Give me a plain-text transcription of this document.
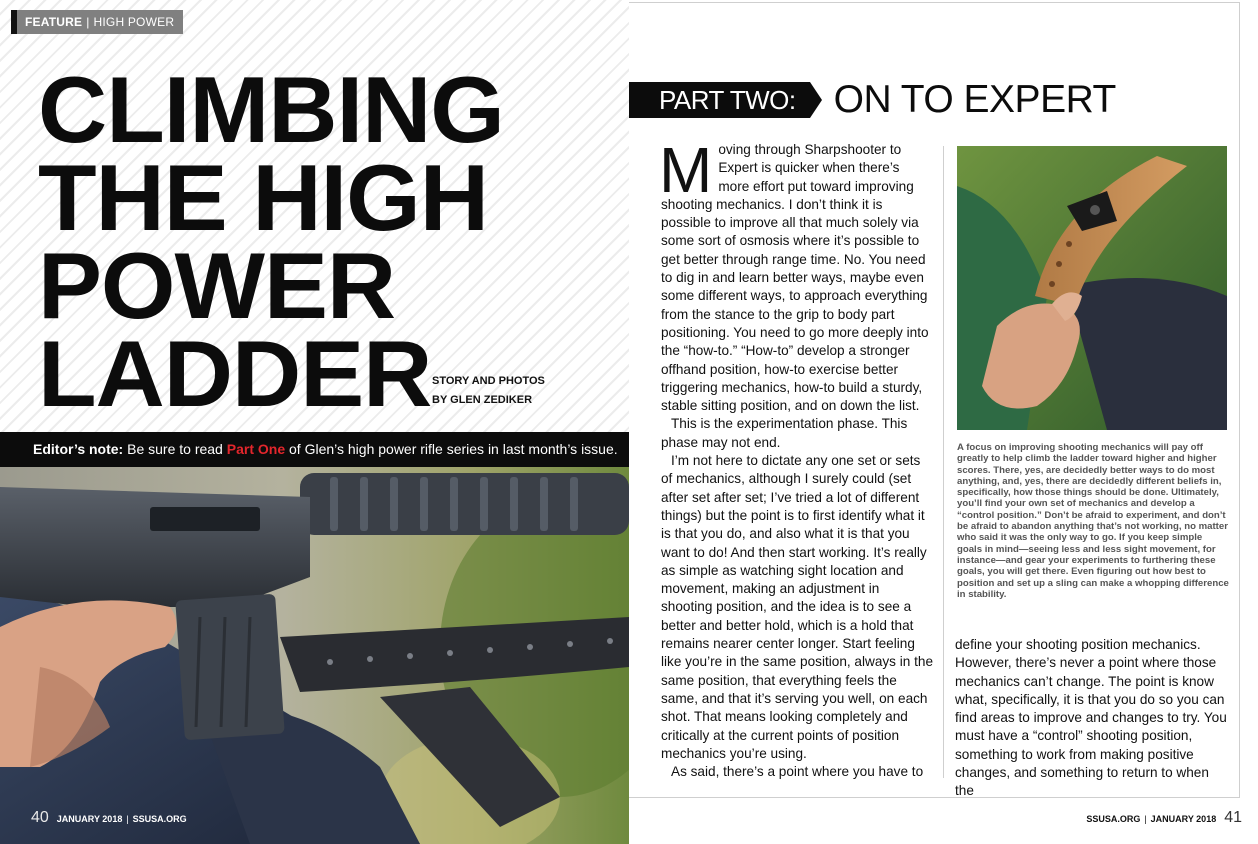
FEATURE | HIGH POWER
CLIMBING
THE HIGH
POWER
LADDER STORY AND PHOTOS
BY GLEN ZEDIKER
Editor’s note: Be sure to read Part One of Glen’s high power rifle series in last month’s issue.
40 JANUARY 2018 | SSUSA.ORG
PART TWO: ON TO EXPERT

Moving through Sharpshooter to Expert is quicker when there’s more effort put toward improving shooting mechanics. I don’t think it is possible to improve all that much solely via some sort of osmosis where it’s possible to get better through range time. No. You need to dig in and learn better ways, maybe even some different ways, to approach everything from the stance to the grip to body part positioning. You need to go more deeply into the “how-to.” “How-to” develop a stronger offhand position, how-to exercise better triggering mechanics, how-to build a sturdy, stable sitting position, and on down the list.

This is the experimentation phase. This phase may not end.

I’m not here to dictate any one set or sets of mechanics, although I surely could (set after set after set; I’ve tried a lot of different things) but the point is to first identify what it is that you do, and also what it is that you want to do! And then start working. It’s really as simple as watching sight location and movement, making an adjustment in shooting position, and the idea is to see a better and better hold, which is a hold that remains nearer center longer. Start feeling like you’re in the same position, always in the same position, that everything feels the same, and that it’s serving you well, on each shot. That means looking completely and critically at the current points of position mechanics you’re using.

As said, there’s a point where you have to

A focus on improving shooting mechanics will pay off greatly to help climb the ladder toward higher and higher scores. There, yes, are decidedly better ways to do most anything, and, yes, there are decidedly different beliefs in, specifically, how those things should be done. Ultimately, you’ll find your own set of mechanics and develop a “control position.” Don’t be afraid to experiment, and don’t be afraid to abandon anything that’s not working, no matter who said it was the only way to go. If you keep simple goals in mind—seeing less and less sight movement, for instance—and gear your experiments to furthering these goals, you will get there. Even figuring out how best to position and set up a sling can make a whopping difference in stability.

define your shooting position mechanics. However, there’s never a point where those mechanics can’t change. The point is know what, specifically, it is that you do so you can find areas to improve and changes to try. You must have a “control” shooting position, something to work from making positive changes, and something to return to when the

SSUSA.ORG | JANUARY 2018 41
